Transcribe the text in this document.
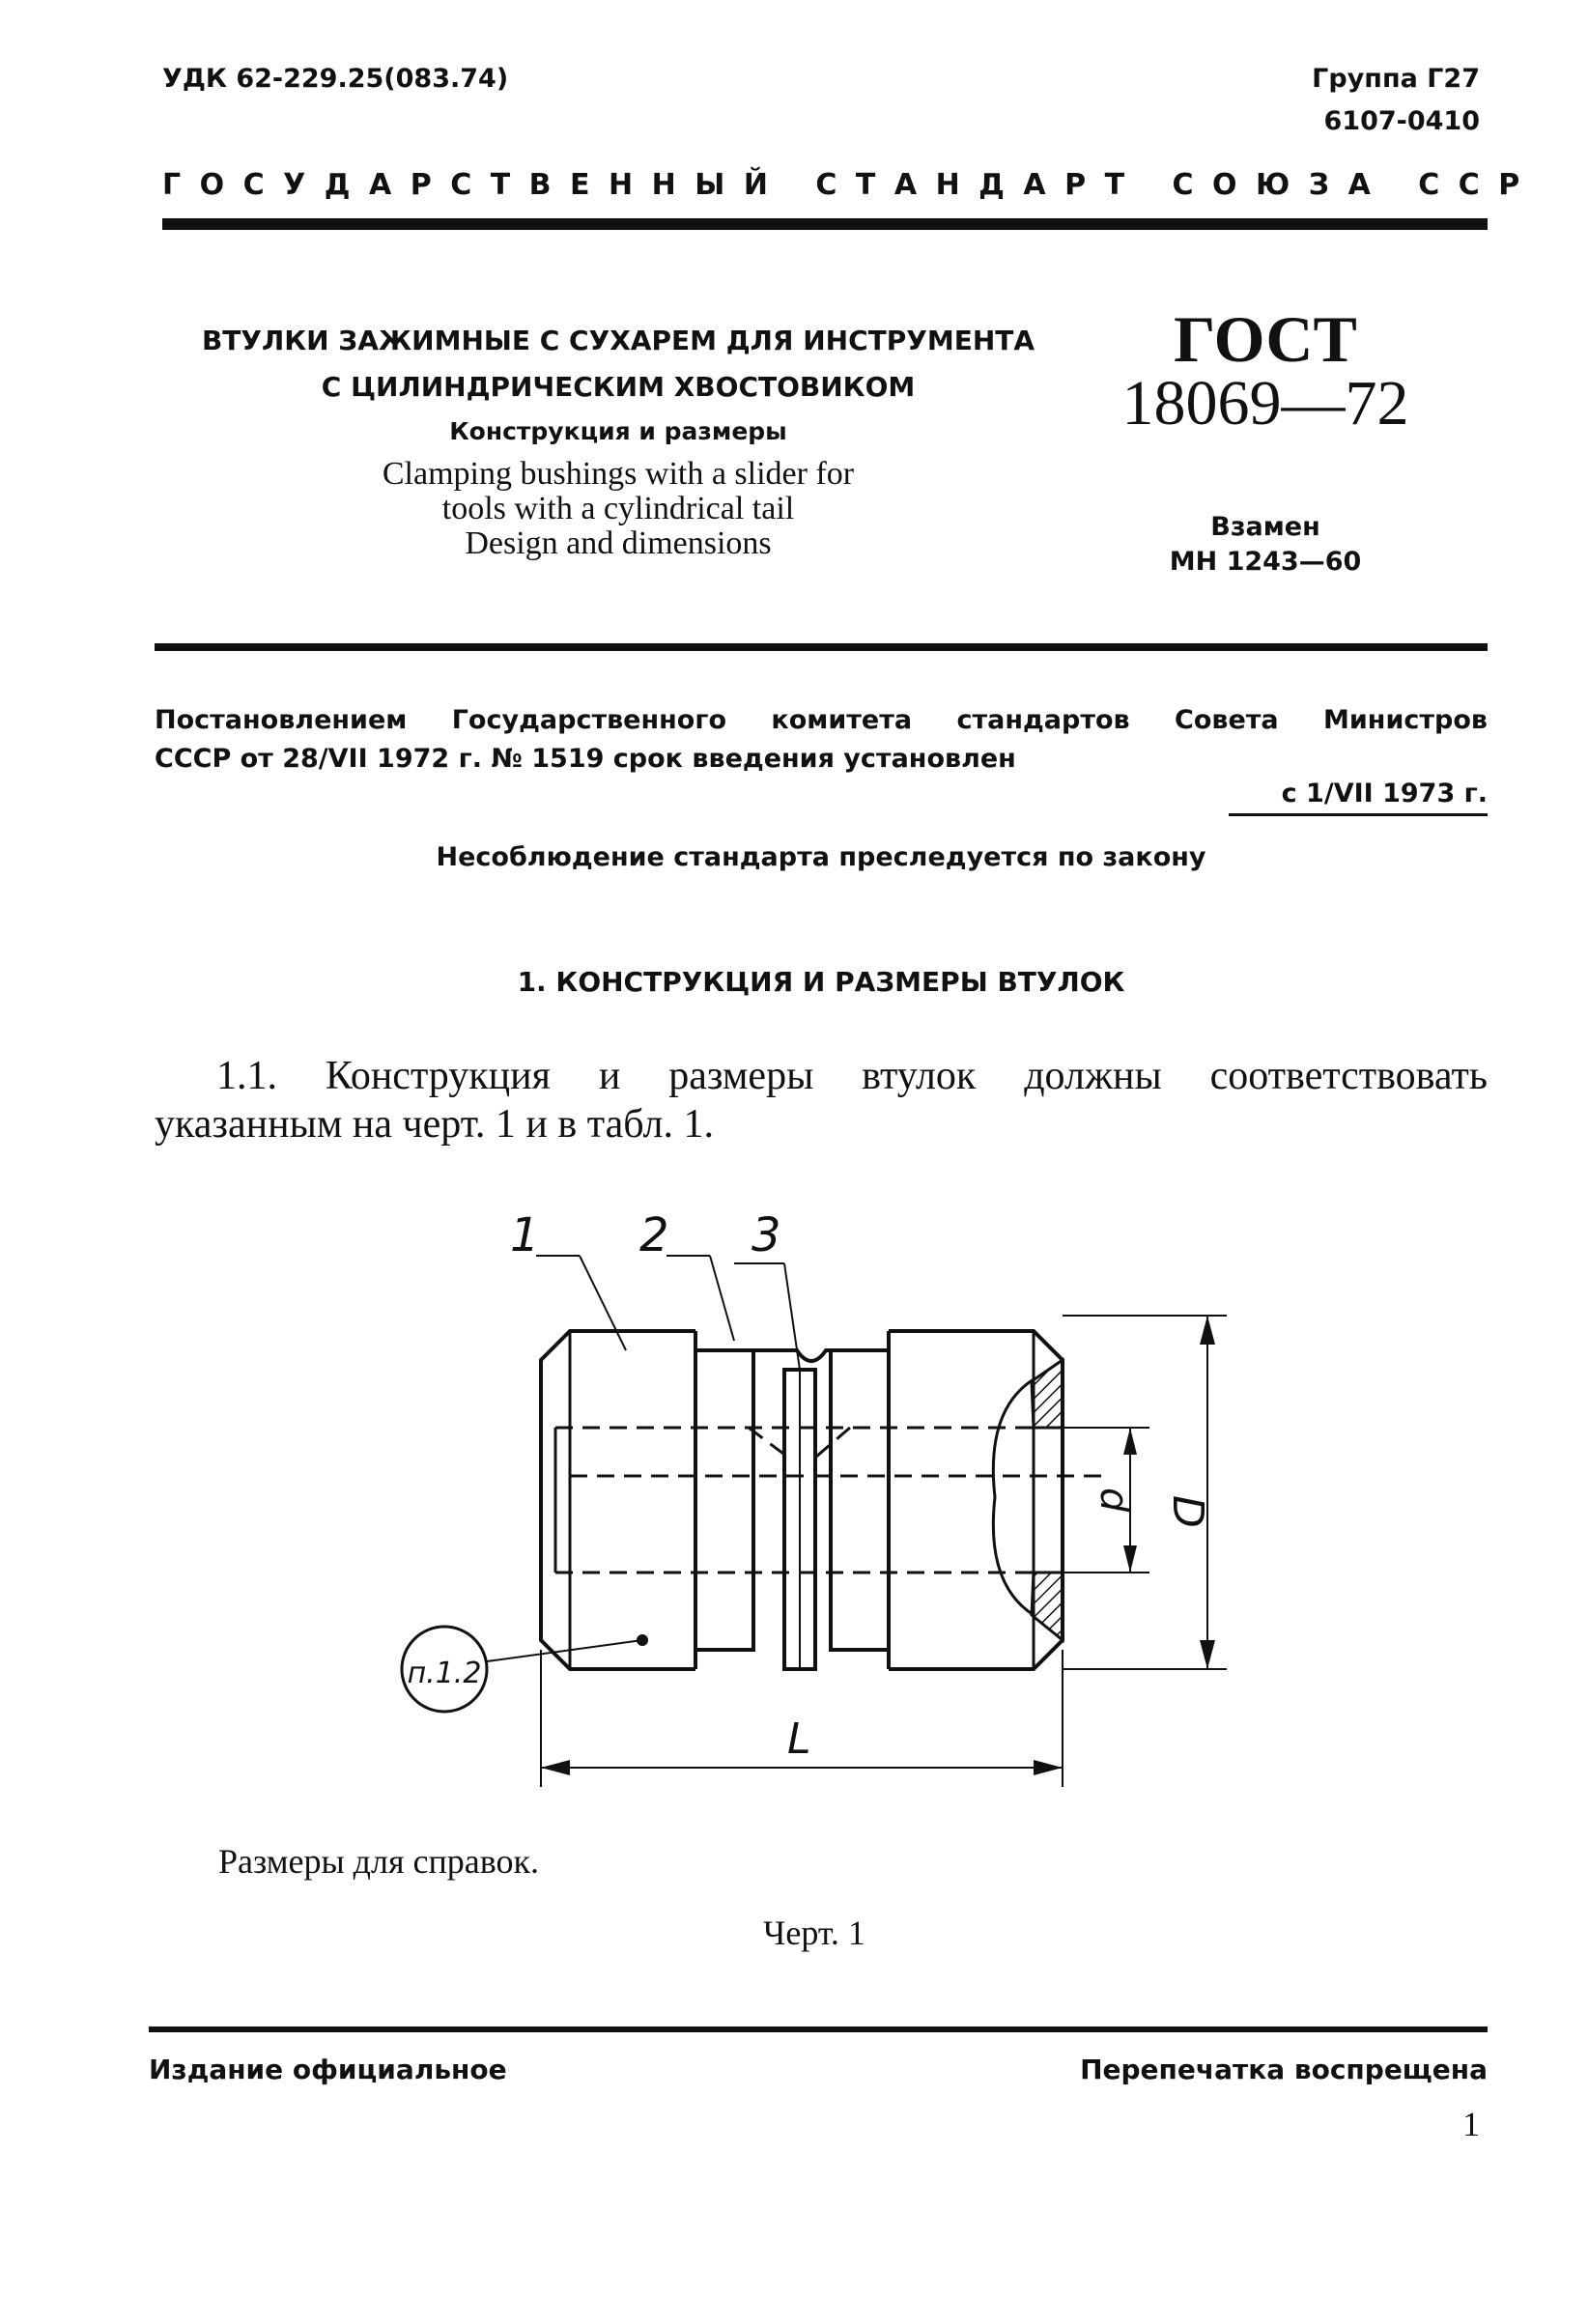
УДК 62-229.25(083.74)	Группа Г27
6107-0410
ГОСУДАРСТВЕННЫЙ СТАНДАРТ СОЮЗА ССР
ВТУЛКИ ЗАЖИМНЫЕ С СУХАРЕМ ДЛЯ ИНСТРУМЕНТА
С ЦИЛИНДРИЧЕСКИМ ХВОСТОВИКОМ
Конструкция и размеры
Clamping bushings with a slider for
tools with a cylindrical tail
Design and dimensions
ГОСТ
18069—72
Взамен
МН 1243—60
Постановлением Государственного комитета стандартов Совета Министров
СССР от 28/VII 1972 г. № 1519 срок введения установлен
с 1/VII 1973 г.
Несоблюдение стандарта преследуется по закону
1. КОНСТРУКЦИЯ И РАЗМЕРЫ ВТУЛОК
1.1. Конструкция и размеры втулок должны соответствовать
указанным на черт. 1 и в табл. 1.
1 2 3
D
d
L
п.1.2
Размеры для справок.
Черт. 1
Издание официальное	Перепечатка воспрещена
1
